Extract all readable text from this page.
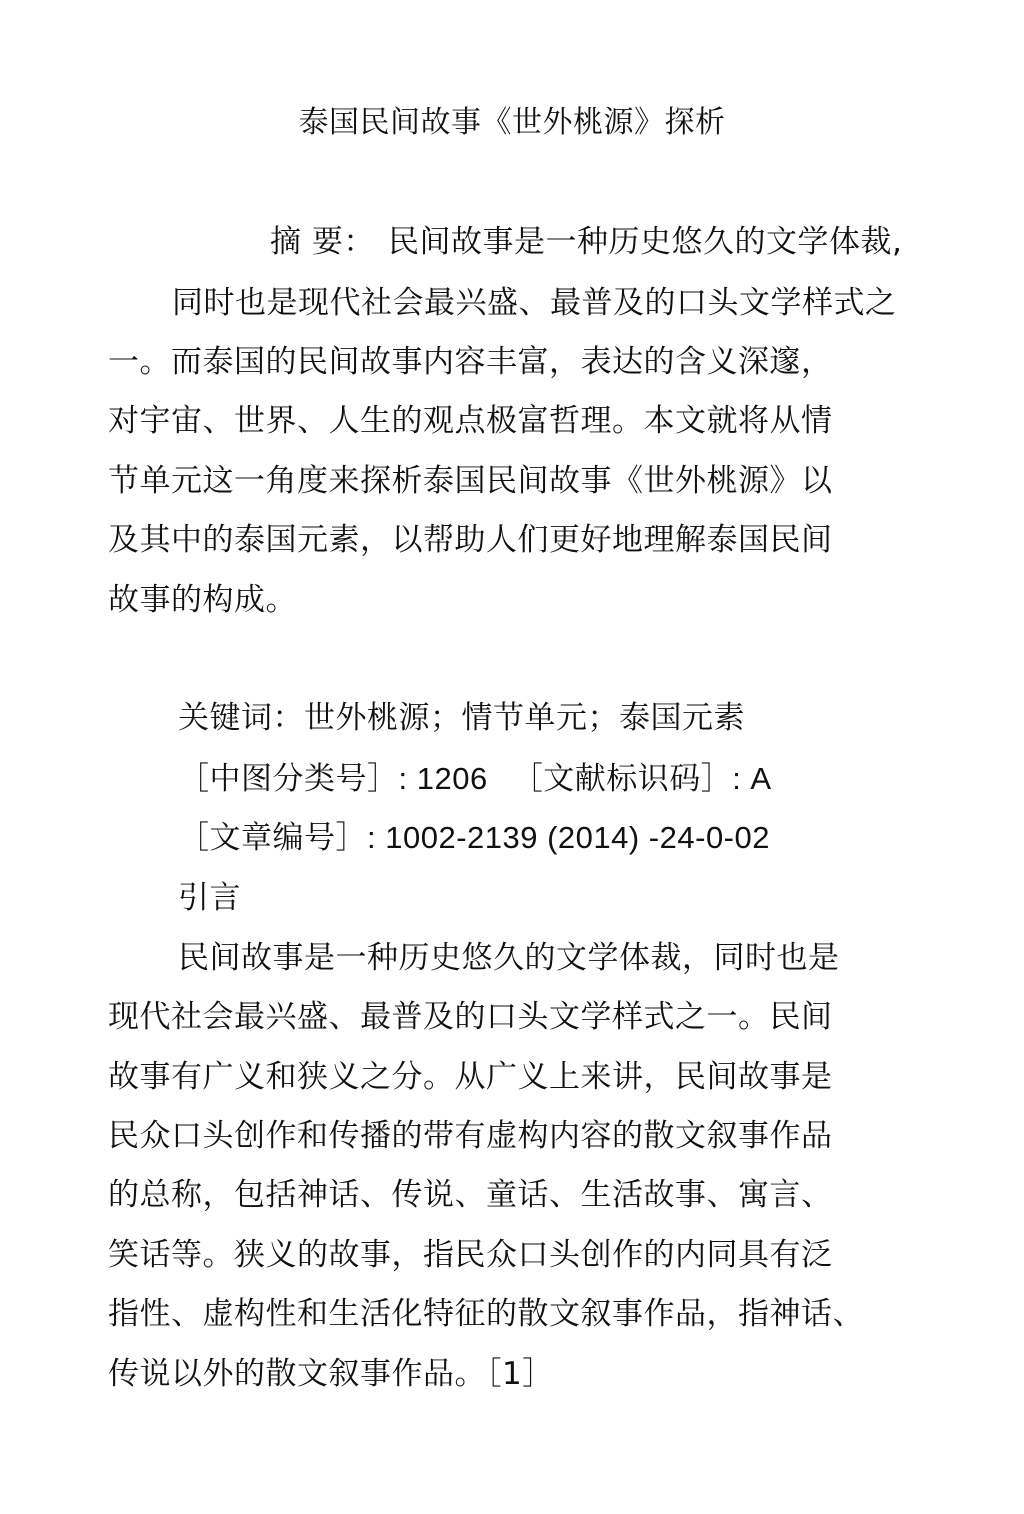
泰国民间故事《世外桃源》探析
摘 要： 民间故事是一种历史悠久的文学体裁,
同时也是现代社会最兴盛、最普及的口头文学样式之
一。而泰国的民间故事内容丰富，表达的含义深邃，
对宇宙、世界、人生的观点极富哲理。本文就将从情
节单元这一角度来探析泰国民间故事《世外桃源》以
及其中的泰国元素，以帮助人们更好地理解泰国民间
故事的构成。
关键词：世外桃源；情节单元；泰国元素
［中图分类号］: 1206 ［文献标识码］: A
［文章编号］: 1002-2139 (2014) -24-0-02
引言
民间故事是一种历史悠久的文学体裁，同时也是
现代社会最兴盛、最普及的口头文学样式之一。民间
故事有广义和狭义之分。从广义上来讲，民间故事是
民众口头创作和传播的带有虚构内容的散文叙事作品
的总称，包括神话、传说、童话、生活故事、寓言、
笑话等。狭义的故事，指民众口头创作的内同具有泛
指性、虚构性和生活化特征的散文叙事作品，指神话、
传说以外的散文叙事作品。［1］
